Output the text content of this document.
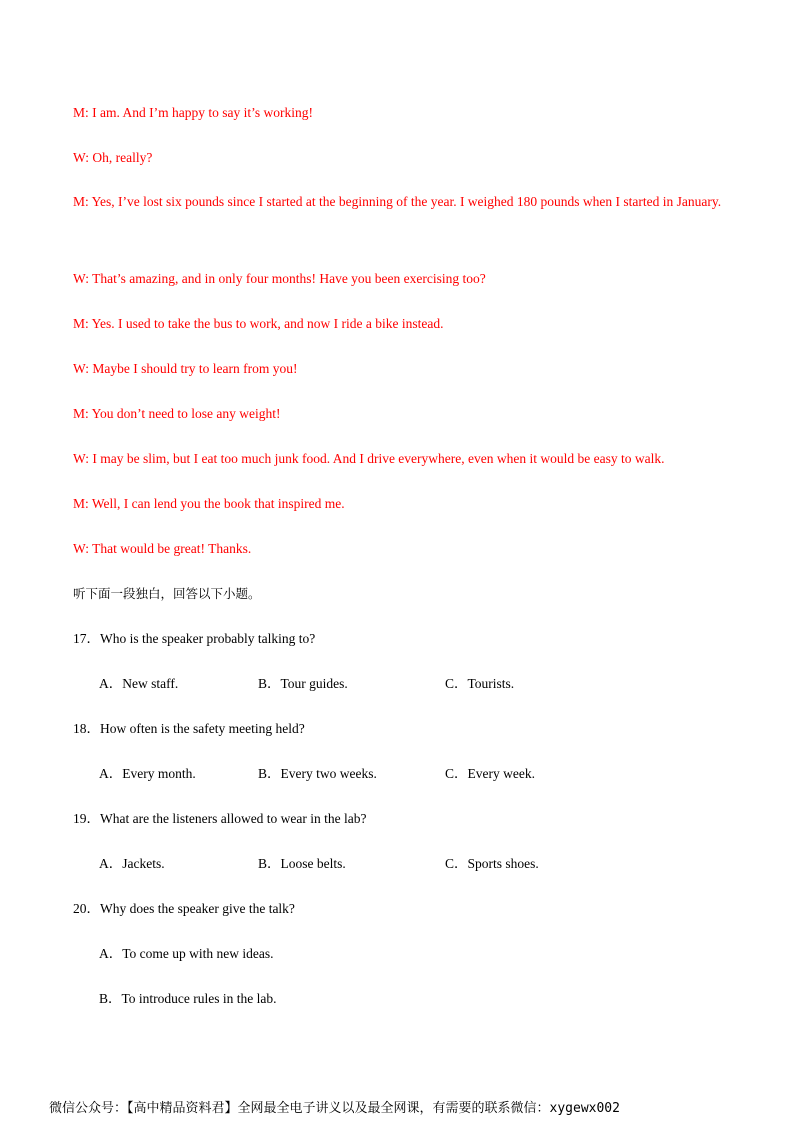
M: I am. And I’m happy to say it’s working!
W: Oh, really?
M: Yes, I’ve lost six pounds since I started at the beginning of the year. I weighed 180 pounds when I started in January.
W: That’s amazing, and in only four months! Have you been exercising too?
M: Yes. I used to take the bus to work, and now I ride a bike instead.
W: Maybe I should try to learn from you!
M: You don’t need to lose any weight!
W: I may be slim, but I eat too much junk food. And I drive everywhere, even when it would be easy to walk.
M: Well, I can lend you the book that inspired me.
W: That would be great! Thanks.
听下面一段独白，回答以下小题。
17．Who is the speaker probably talking to?
A．New staff.	B．Tour guides.	C．Tourists.
18．How often is the safety meeting held?
A．Every month.	B．Every two weeks.	C．Every week.
19．What are the listeners allowed to wear in the lab?
A．Jackets.	B．Loose belts.	C．Sports shoes.
20．Why does the speaker give the talk?
A．To come up with new ideas.
B．To introduce rules in the lab.
微信公众号：【高中精品资料君】全网最全电子讲义以及最全网课，有需要的联系微信：xygewx002
